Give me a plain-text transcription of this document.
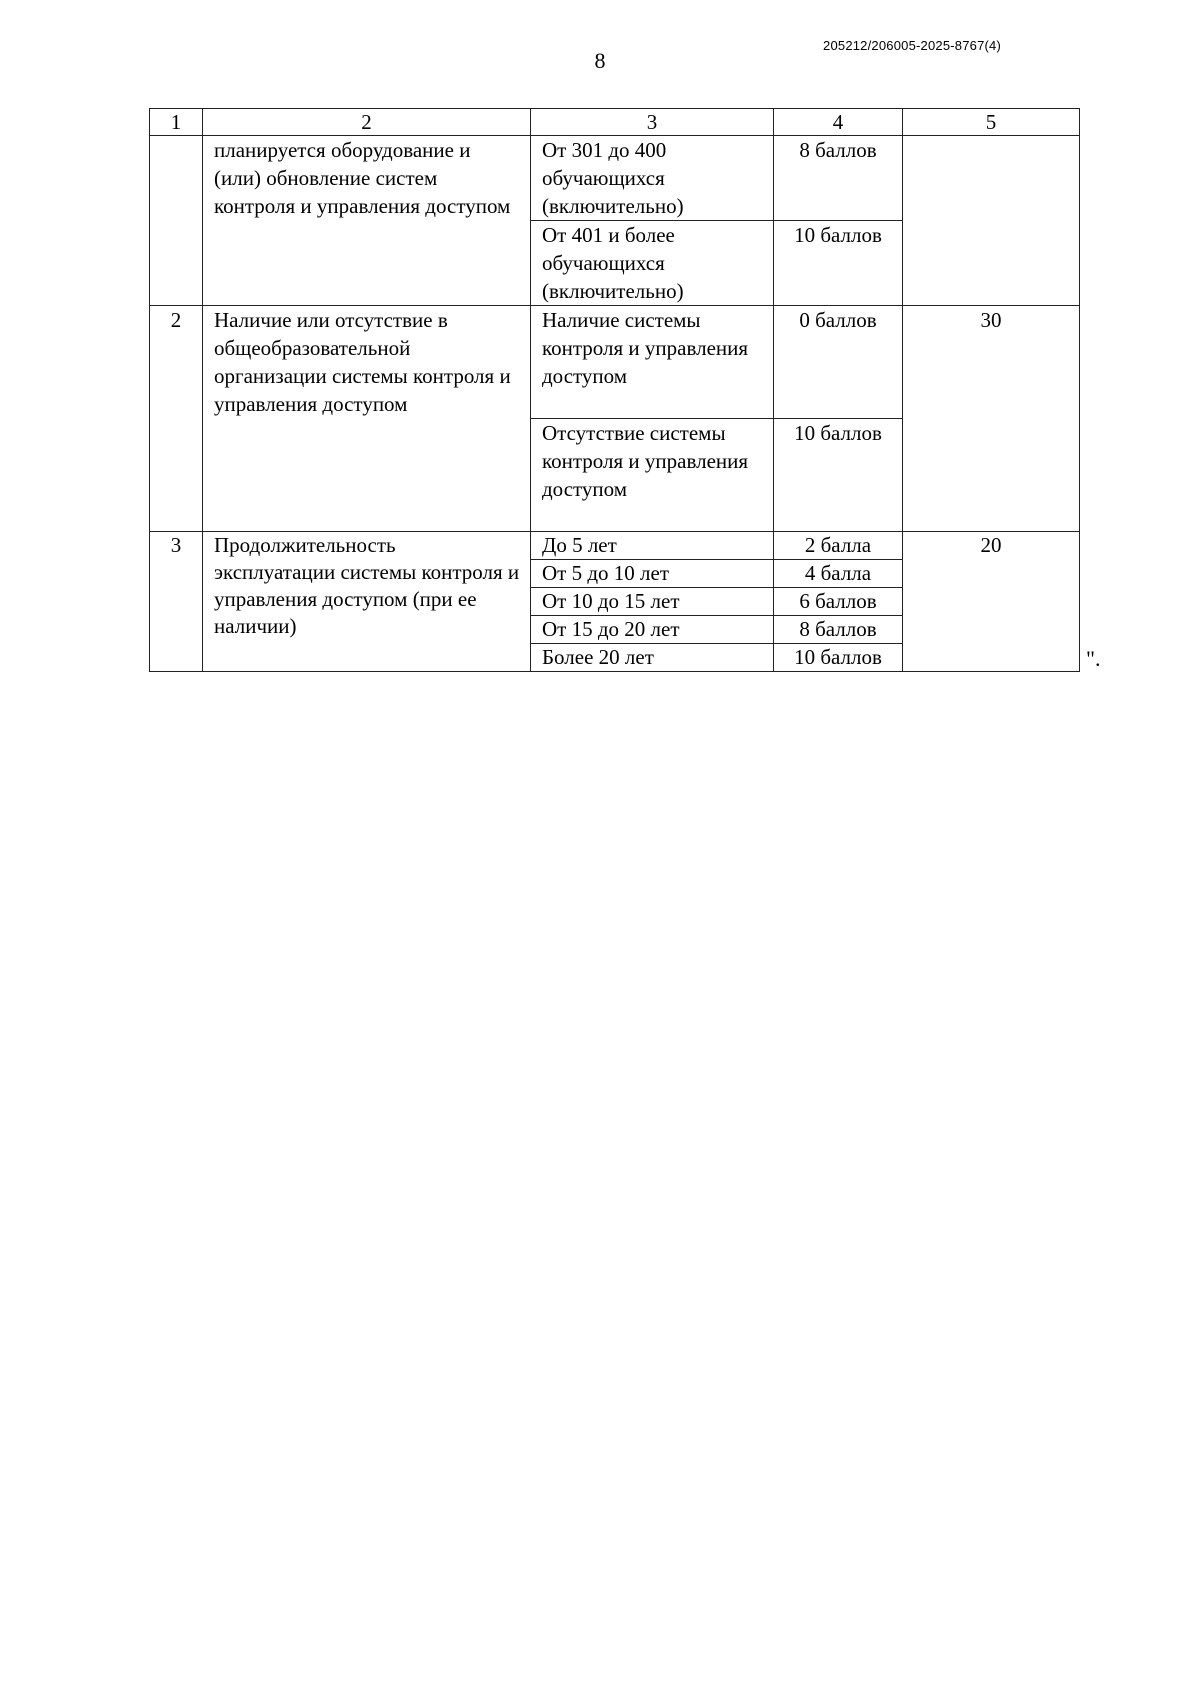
8
205212/206005-2025-8767(4)
1	2	3	4	5
	планируется оборудование и (или) обновление систем контроля и управления доступом	От 301 до 400 обучающихся (включительно)	8 баллов	
		От 401 и более обучающихся (включительно)	10 баллов	
2	Наличие или отсутствие в общеобразовательной организации системы контроля и управления доступом	Наличие системы контроля и управления доступом	0 баллов	30
		Отсутствие системы контроля и управления доступом	10 баллов	
3	Продолжительность эксплуатации системы контроля и управления доступом (при ее наличии)	До 5 лет	2 балла	20
		От 5 до 10 лет	4 балла	
		От 10 до 15 лет	6 баллов	
		От 15 до 20 лет	8 баллов	
		Более 20 лет	10 баллов		".
